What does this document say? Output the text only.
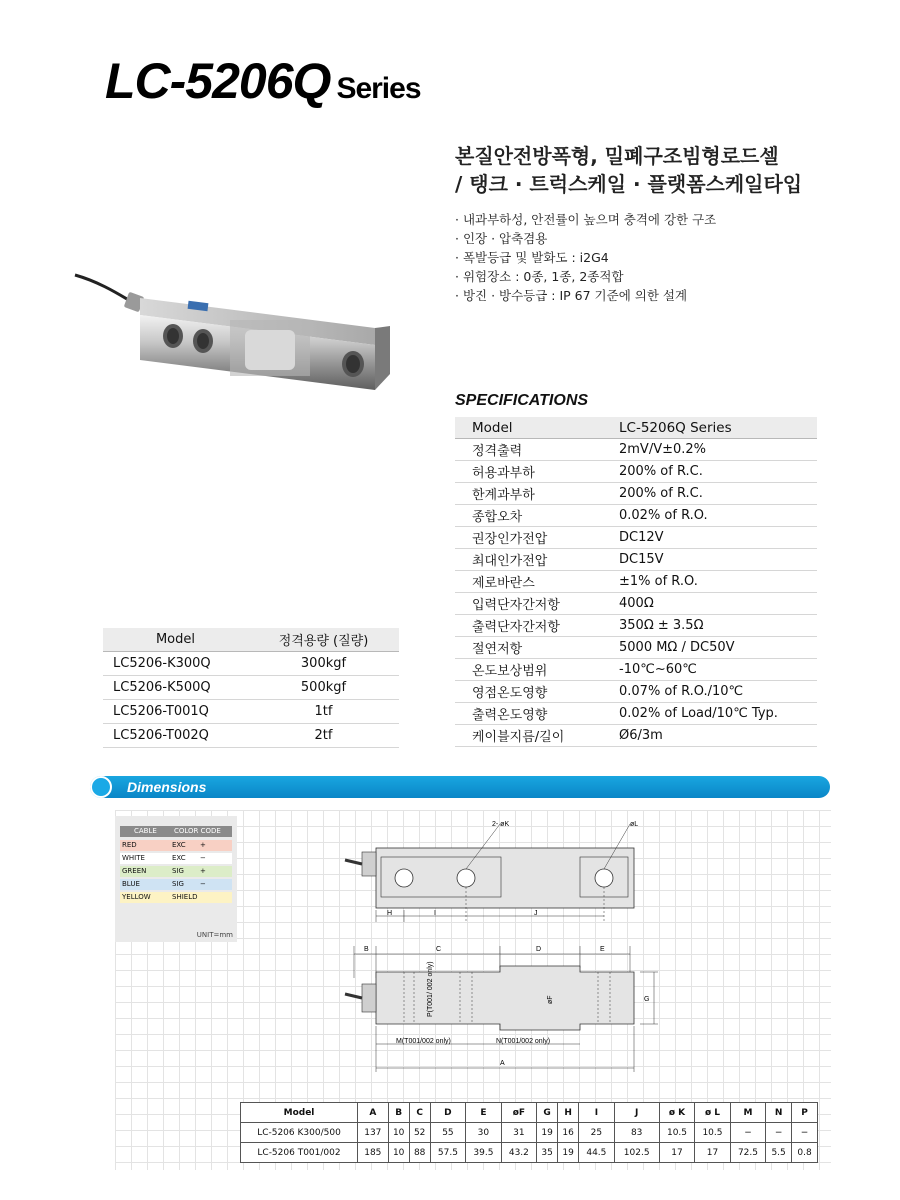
LC-5206Q Series
본질안전방폭형, 밀폐구조빔형로드셀
/ 탱크 · 트럭스케일 · 플랫폼스케일타입
· 내과부하성, 안전률이 높으며 충격에 강한 구조
· 인장 · 압축겸용
· 폭발등급 및 발화도 : i2G4
· 위험장소 : 0종, 1종, 2종적합
· 방진 · 방수등급 : IP 67 기준에 의한 설계
SPECIFICATIONS
Model	LC-5206Q Series
정격출력	2mV/V±0.2%
허용과부하	200% of R.C.
한계과부하	200% of R.C.
종합오차	0.02% of R.O.
권장인가전압	DC12V
최대인가전압	DC15V
제로바란스	±1% of R.O.
입력단자간저항	400Ω
출력단자간저항	350Ω ± 3.5Ω
절연저항	5000 MΩ / DC50V
온도보상범위	-10℃~60℃
영점온도영향	0.07% of R.O./10℃
출력온도영향	0.02% of Load/10℃ Typ.
케이블지름/길이	Ø6/3m
Model	정격용량 (질량)
LC5206-K300Q	300kgf
LC5206-K500Q	500kgf
LC5206-T001Q	1tf
LC5206-T002Q	2tf
Dimensions
CABLE COLOR CODE
RED	EXC +
WHITE	EXC −
GREEN	SIG +
BLUE	SIG −
YELLOW	SHIELD
UNIT=mm
2- øK	øL
H	I	J
B	C	D	E
P(T001/ 002 only)	øF	G
M(T001/002 only)	N(T001/002 only)
A
Model	A	B	C	D	E	øF	G	H	I	J	ø K	ø L	M	N	P
LC-5206 K300/500	137	10	52	55	30	31	19	16	25	83	10.5	10.5	−	−	−
LC-5206 T001/002	185	10	88	57.5	39.5	43.2	35	19	44.5	102.5	17	17	72.5	5.5	0.8
